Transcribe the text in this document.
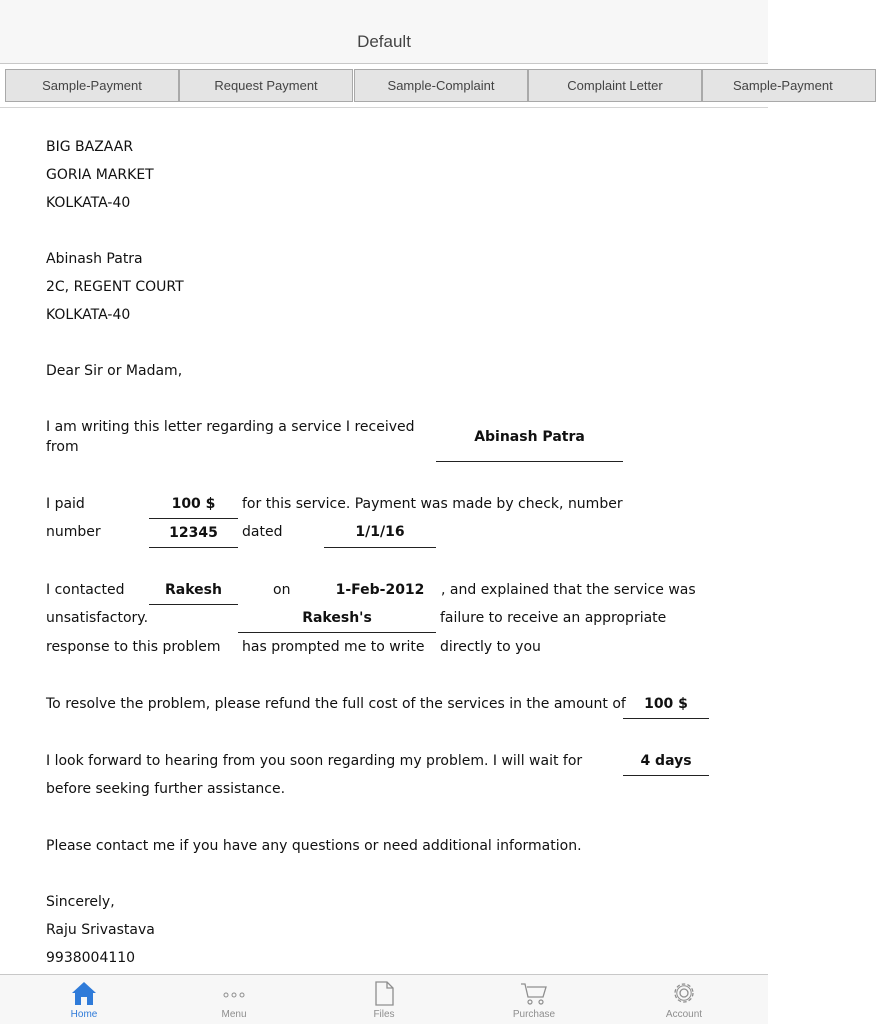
Default
Sample-Payment	Request Payment	Sample-Complaint	Complaint Letter	Sample-Payment
BIG BAZAAR
GORIA MARKET
KOLKATA-40
Abinash Patra
2C, REGENT COURT
KOLKATA-40
Dear Sir or Madam,
I am writing this letter regarding a service I received from
Abinash Patra
I paid	100 $	for this service. Payment was made by check, number
number	12345	dated	1/1/16
I contacted	Rakesh	on	1-Feb-2012	, and explained that the service was
unsatisfactory.	Rakesh's	failure to receive an appropriate
response to this problem has prompted me to write directly to you
To resolve the problem, please refund the full cost of the services in the amount of	100 $
I look forward to hearing from you soon regarding my problem. I will wait for	4 days
before seeking further assistance.
Please contact me if you have any questions or need additional information.
Sincerely,
Raju Srivastava
9938004110
Home	Menu	Files	Purchase	Account
